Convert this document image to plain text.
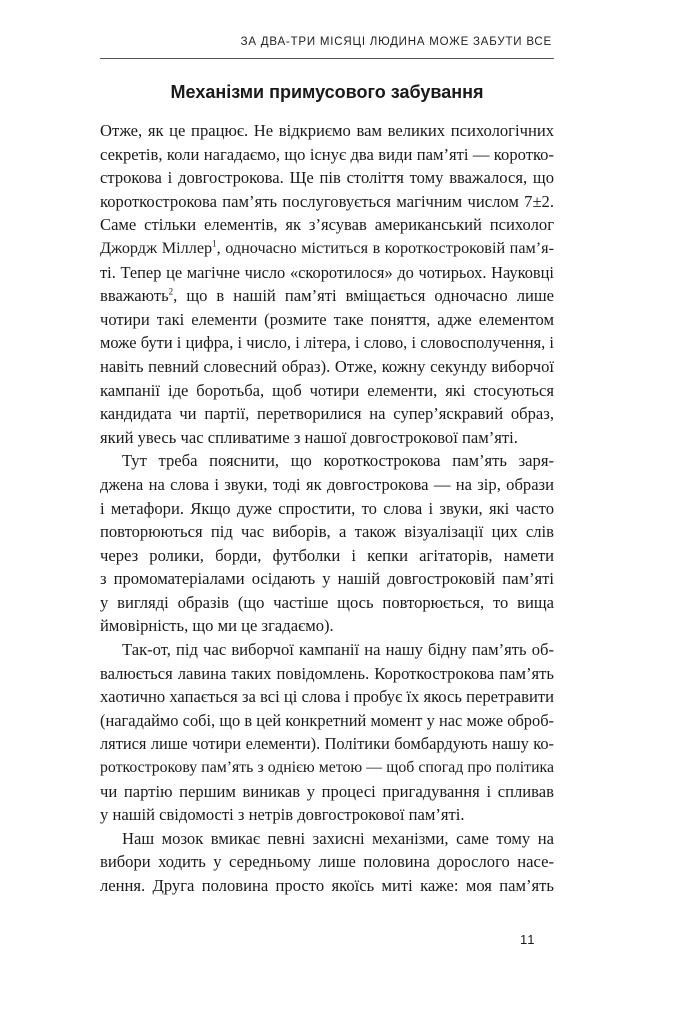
ЗА ДВА-ТРИ МІСЯЦІ ЛЮДИНА МОЖЕ ЗАБУТИ ВСЕ
Механізми примусового забування
Отже, як це працює. Не відкриємо вам великих психологічних
секретів, коли нагадаємо, що існує два види пам’яті — коротко-
строкова і довгострокова. Ще пів століття тому вважалося, що
короткострокова пам’ять послуговується магічним числом 7±2.
Саме стільки елементів, як з’ясував американський психолог
Джордж Міллер$^1$, одночасно міститься в короткостроковій пам’я-
ті. Тепер це магічне число «скоротилося» до чотирьох. Науковці
вважають$^2$, що в нашій пам’яті вміщається одночасно лише
чотири такі елементи (розмите таке поняття, адже елементом
може бути і цифра, і число, і літера, і слово, і словосполучення, і
навіть певний словесний образ). Отже, кожну секунду виборчої
кампанії іде боротьба, щоб чотири елементи, які стосуються
кандидата чи партії, перетворилися на супер’яскравий образ,
який увесь час спливатиме з нашої довгострокової пам’яті.
Тут треба пояснити, що короткострокова пам’ять заря-
джена на слова і звуки, тоді як довгострокова — на зір, образи
і метафори. Якщо дуже спростити, то слова і звуки, які часто
повторюються під час виборів, а також візуалізації цих слів
через ролики, борди, футболки і кепки агітаторів, намети
з промоматеріалами осідають у нашій довгостроковій пам’яті
у вигляді образів (що частіше щось повторюється, то вища
ймовірність, що ми це згадаємо).
Так-от, під час виборчої кампанії на нашу бідну пам’ять об-
валюється лавина таких повідомлень. Короткострокова пам’ять
хаотично хапається за всі ці слова і пробує їх якось перетравити
(нагадаймо собі, що в цей конкретний момент у нас може оброб-
лятися лише чотири елементи). Політики бомбардують нашу ко-
роткострокову пам’ять з однією метою — щоб спогад про політика
чи партію першим виникав у процесі пригадування і спливав
у нашій свідомості з нетрів довгострокової пам’яті.
Наш мозок вмикає певні захисні механізми, саме тому на
вибори ходить у середньому лише половина дорослого насе-
лення. Друга половина просто якоїсь миті каже: моя пам’ять
11
